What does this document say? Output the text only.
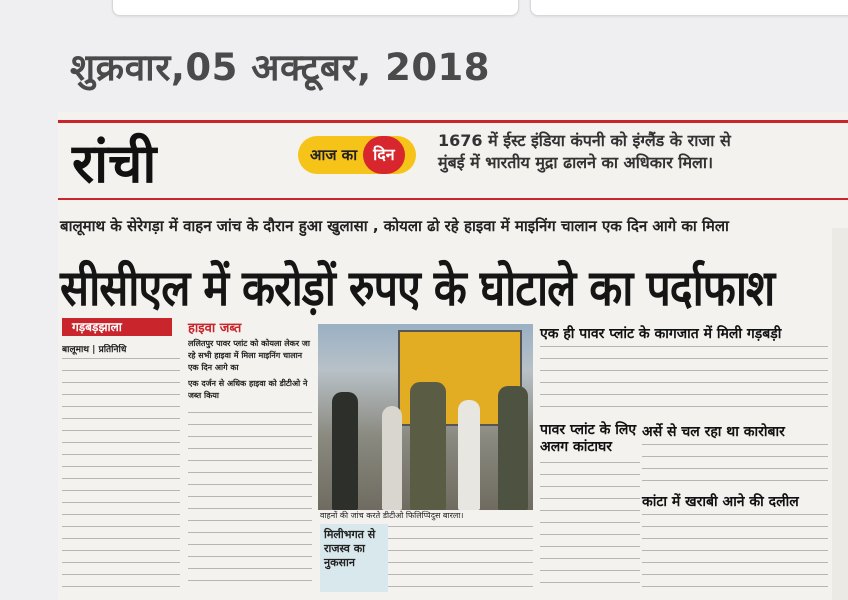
शुक्रवार,05 अक्टूबर, 2018
रांची	आज का	दिन
1676 में ईस्ट इंडिया कंपनी को इंग्लैंड के राजा से मुंबई में भारतीय मुद्रा ढालने का अधिकार मिला।
बालूमाथ के सेरेगड़ा में वाहन जांच के दौरान हुआ खुलासा , कोयला ढो रहे हाइवा में माइनिंग चालान एक दिन आगे का मिला
सीसीएल में करोड़ों रुपए के घोटाले का पर्दाफाश
गड़बड़झाला
बालूमाथ | प्रतिनिधि
हाइवा जब्त
ललितपुर पावर प्लांट को कोयला लेकर जा रहे सभी हाइवा में मिला माइनिंग चालान एक दिन आगे का
एक दर्जन से अधिक हाइवा को डीटीओ ने जब्त किया
वाहनों की जांच करते डीटीओ फिलिप्पिदुस बारला।
मिलीभगत से राजस्व का नुकसान
एक ही पावर प्लांट के कागजात में मिली गड़बड़ी
पावर प्लांट के लिए अलग कांटाघर
अर्से से चल रहा था कारोबार
कांटा में खराबी आने की दलील
